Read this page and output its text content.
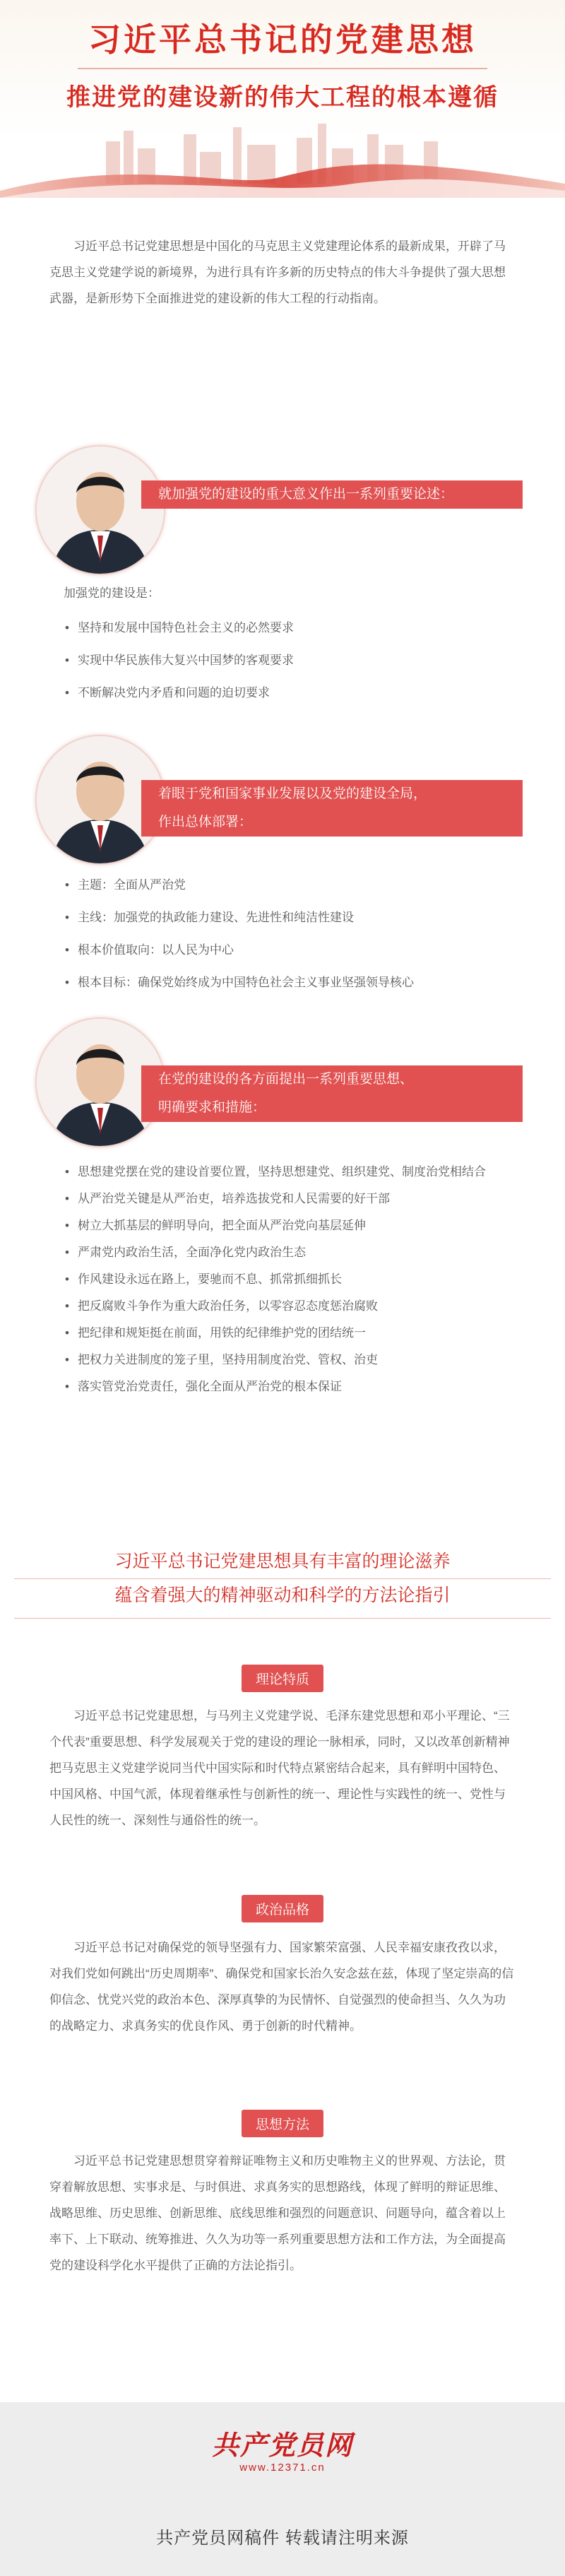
习近平总书记的党建思想
推进党的建设新的伟大工程的根本遵循

习近平总书记党建思想是中国化的马克思主义党建理论体系的最新成果，开辟了马克思主义党建学说的新境界，为进行具有许多新的历史特点的伟大斗争提供了强大思想武器，是新形势下全面推进党的建设新的伟大工程的行动指南。

就加强党的建设的重大意义作出一系列重要论述：
加强党的建设是：
• 坚持和发展中国特色社会主义的必然要求
• 实现中华民族伟大复兴中国梦的客观要求
• 不断解决党内矛盾和问题的迫切要求
着眼于党和国家事业发展以及党的建设全局，
作出总体部署：
• 主题：全面从严治党
• 主线：加强党的执政能力建设、先进性和纯洁性建设
• 根本价值取向：以人民为中心
• 根本目标：确保党始终成为中国特色社会主义事业坚强领导核心
在党的建设的各方面提出一系列重要思想、
明确要求和措施：
• 思想建党摆在党的建设首要位置，坚持思想建党、组织建党、制度治党相结合
• 从严治党关键是从严治吏，培养选拔党和人民需要的好干部
• 树立大抓基层的鲜明导向，把全面从严治党向基层延伸
• 严肃党内政治生活，全面净化党内政治生态
• 作风建设永远在路上，要驰而不息、抓常抓细抓长
• 把反腐败斗争作为重大政治任务，以零容忍态度惩治腐败
• 把纪律和规矩挺在前面，用铁的纪律维护党的团结统一
• 把权力关进制度的笼子里，坚持用制度治党、管权、治吏
• 落实管党治党责任，强化全面从严治党的根本保证
习近平总书记党建思想具有丰富的理论滋养
蕴含着强大的精神驱动和科学的方法论指引
理论特质

习近平总书记党建思想，与马列主义党建学说、毛泽东建党思想和邓小平理论、“三个代表”重要思想、科学发展观关于党的建设的理论一脉相承，同时，又以改革创新精神把马克思主义党建学说同当代中国实际和时代特点紧密结合起来，具有鲜明中国特色、中国风格、中国气派，体现着继承性与创新性的统一、理论性与实践性的统一、党性与人民性的统一、深刻性与通俗性的统一。

政治品格

习近平总书记对确保党的领导坚强有力、国家繁荣富强、人民幸福安康孜孜以求，对我们党如何跳出“历史周期率”、确保党和国家长治久安念兹在兹，体现了坚定崇高的信仰信念、忧党兴党的政治本色、深厚真挚的为民情怀、自觉强烈的使命担当、久久为功的战略定力、求真务实的优良作风、勇于创新的时代精神。

思想方法

习近平总书记党建思想贯穿着辩证唯物主义和历史唯物主义的世界观、方法论，贯穿着解放思想、实事求是、与时俱进、求真务实的思想路线，体现了鲜明的辩证思维、战略思维、历史思维、创新思维、底线思维和强烈的问题意识、问题导向，蕴含着以上率下、上下联动、统筹推进、久久为功等一系列重要思想方法和工作方法，为全面提高党的建设科学化水平提供了正确的方法论指引。

共产党员网
www.12371.cn
共产党员网稿件 转载请注明来源
